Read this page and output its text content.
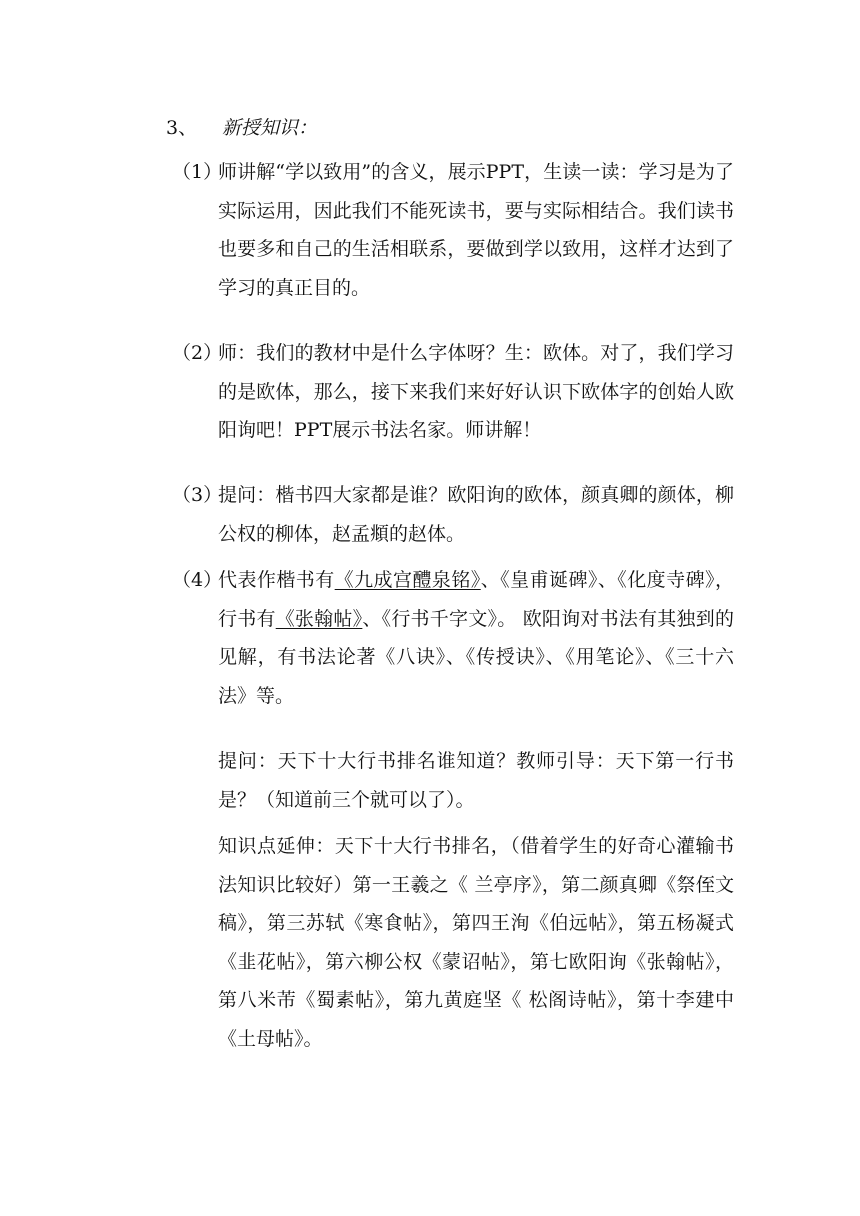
3、 新授知识：
（1）
师讲解“学以致用”的含义，展示PPT，生读一读：学习是为了实际运用，因此我们不能死读书，要与实际相结合。我们读书也要多和自己的生活相联系，要做到学以致用，这样才达到了学习的真正目的。
（2）
师：我们的教材中是什么字体呀？生：欧体。对了，我们学习的是欧体，那么，接下来我们来好好认识下欧体字的创始人欧阳询吧！PPT展示书法名家。师讲解！
（3）
提问：楷书四大家都是谁？欧阳询的欧体，颜真卿的颜体，柳公权的柳体，赵孟頫的赵体。
（4）
代表作楷书有《九成宫醴泉铭》、《皇甫诞碑》、《化度寺碑》，行书有《张翰帖》、《行书千字文》。 欧阳询对书法有其独到的见解，有书法论著《八诀》、《传授诀》、《用笔论》、《三十六法》等。
提问：天下十大行书排名谁知道？教师引导：天下第一行书是？（知道前三个就可以了）。
知识点延伸：天下十大行书排名，（借着学生的好奇心灌输书法知识比较好）第一王羲之《 兰亭序》，第二颜真卿《祭侄文稿》，第三苏轼《寒食帖》，第四王洵《伯远帖》，第五杨凝式《韭花帖》，第六柳公权《蒙诏帖》，第七欧阳询《张翰帖》，第八米芾《蜀素帖》，第九黄庭坚《 松阁诗帖》，第十李建中《土母帖》。
